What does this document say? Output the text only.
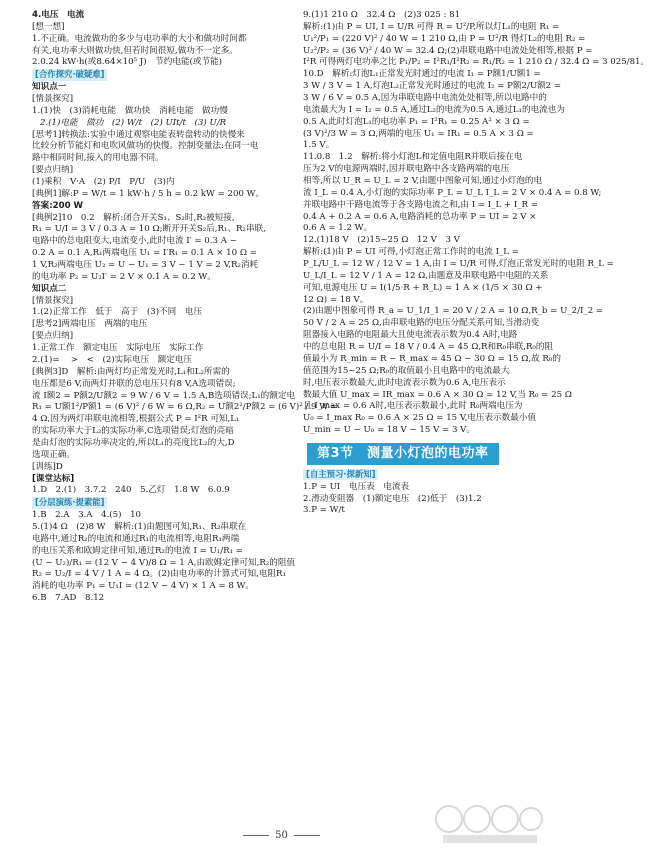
4.电压　电流
[想一想]
1.不正确。电流做功的多少与电功率的大小和做功时间都
有关,电功率大则做功快,但若时间很短,做功不一定多。
2.0.24 kW·h(或8.64×10⁵ J)　节约电能(或节能)
[合作探究·破疑难]
知识点一
[情景探究]
1.(1)快　(3)消耗电能　做功快　消耗电能　做功慢
2.(1)电能　做功　(2) W/t　(2) UIt/t　(3) U/R
[思考1]转换法:实验中通过观察电能表转盘转动的快慢来
比较分析节能灯和电吹风做功的快慢。控制变量法:在同一电
路中相同时间,接入的用电器不同。
[要点归纳]
(1)乘积　V·A　(2) P/I　P/U　(3)内
[典例1]解:P = W/t = 1 kW·h / 5 h = 0.2 kW = 200 W。
答案:200 W
[典例2]10　0.2　解析:闭合开关S₁、S₂时,R₂被短接,
R₁ = U/I = 3 V / 0.3 A = 10 Ω;断开开关S₂后,R₁、R₂串联,
电路中的总电阻变大,电流变小,此时电流 I′ = 0.3 A −
0.2 A = 0.1 A,R₁两端电压 U₁ = I′R₁ = 0.1 A × 10 Ω =
1 V,R₂两端电压 U₂ = U − U₁ = 3 V − 1 V = 2 V,R₂消耗
的电功率 P₂ = U₂I′ = 2 V × 0.1 A = 0.2 W。
知识点二
[情景探究]
1.(2)正常工作　低于　高于　(3)不同　电压
[思考2]两端电压　两端的电压
[要点归纳]
1.正常工作　额定电压　实际电压　实际工作
2.(1)= 　>　<　(2)实际电压　额定电压
[典例3]D　解析:由两灯均正常发光时,L₁和L₂所需的
电压都是6 V,而两灯并联的总电压只有8 V,A选项错误;
流 I额2 = P额2/U额2 = 9 W / 6 V = 1.5 A,B选项错误;L₁的额定电
R₁ = U额1²/P额1 = (6 V)² / 6 W = 6 Ω,R₂ = U额2²/P额2 = (6 V)² / 9 W =
4 Ω,因为两灯串联电流相等,根据公式 P = I²R 可知,L₁
的实际功率大于L₂的实际功率,C选项错误;灯泡的亮暗
是由灯泡的实际功率决定的,所以L₁的亮度比L₂的大,D
选项正确。
[训练]D
[课堂达标]
1.D　2.(1)　3.7.2　240　5.乙灯　1.8 W　6.0.9
[分层演练·提素能]
1.B　2.A　3.A　4.(5)　10
5.(1)4 Ω　(2)8 W　解析:(1)由题图可知,R₁、R₂串联在
电路中,通过R₂的电流和通过R₁的电流相等,电阻R₁两端
的电压关系和欧姆定律可知,通过R₂的电流 I = U₁/R₁ =
(U − U₂)/R₁ = (12 V − 4 V)/8 Ω = 1 A,由欧姆定律可知,R₂的阻值
R₂ = U₂/I = 4 V / 1 A = 4 Ω。(2)由电功率的计算式可知,电阻R₁
消耗的电功率 P₁ = U₁I = (12 V − 4 V) × 1 A = 8 W。
6.B　7.AD　8.12
9.(1)1 210 Ω　32.4 Ω　(2)3 025 : 81
解析:(1)由 P = UI, I = U/R 可得 R = U²/P,所以灯L₁的电阻 R₁ =
U₁²/P₁ = (220 V)² / 40 W = 1 210 Ω,由 P = U²/R 得灯L₂的电阻 R₂ =
U₂²/P₂ = (36 V)² / 40 W = 32.4 Ω;(2)串联电路中电流处处相等,根据 P =
I²R 可得两灯电功率之比 P₁/P₂ = I²R₁/I²R₂ = R₁/R₂ = 1 210 Ω / 32.4 Ω = 3 025/81。
10.D　解析:灯泡L₁正常发光时通过的电流 I₁ = P额1/U额1 =
3 W / 3 V = 1 A,灯泡L₂正常发光时通过的电流 I₂ = P额2/U额2 =
3 W / 6 V = 0.5 A,因为串联电路中电流处处相等,所以电路中的
电流最大为 I = I₂ = 0.5 A,通过L₂的电流为0.5 A,通过L₁的电流也为
0.5 A,此时灯泡L₁的电功率 P₁ = I²R₁ = 0.25 A² × 3 Ω =
(3 V)²/3 W = 3 Ω,两端的电压 U₁ = IR₁ = 0.5 A × 3 Ω =
1.5 V。
11.0.8　1.2　解析:将小灯泡L和定值电阻R并联后接在电
压为2 V的电源两端时,因并联电路中各支路两端的电压
相等,所以 U_R = U_L = 2 V,由题中图象可知,通过小灯泡的电
流 I_L = 0.4 A,小灯泡的实际功率 P_L = U_L I_L = 2 V × 0.4 A = 0.8 W;
并联电路中干路电流等于各支路电流之和,由 I = I_L + I_R =
0.4 A + 0.2 A = 0.6 A,电路消耗的总功率 P = UI = 2 V ×
0.6 A = 1.2 W。
12.(1)18 V　(2)15~25 Ω　12 V　3 V
解析:(1)由 P = UI 可得,小灯泡正常工作时的电流 I_L =
P_L/U_L = 12 W / 12 V = 1 A,由 I = U/R 可得,灯泡正常发光时的电阻 R_L =
U_L/I_L = 12 V / 1 A = 12 Ω,由题意及串联电路中电阻的关系
可知,电源电压 U = I(1/5·R + R_L) = 1 A × (1/5 × 30 Ω +
12 Ω) = 18 V。
(2)由题中图象可得 R_a = U_1/I_1 = 20 V / 2 A = 10 Ω,R_b = U_2/I_2 =
50 V / 2 A = 25 Ω,由串联电路的电压分配关系可知,当滑动变
阻器接入电路的电阻最大且使电流表示数为0.4 A时,电路
中的总电阻 R = U/I = 18 V / 0.4 A = 45 Ω,R和R₀串联,R₀的阻
值最小为 R_min = R − R_max = 45 Ω − 30 Ω = 15 Ω,故 R₀的
值范围为15~25 Ω;R₀的取值最小且电路中的电流最大
时,电压表示数最大,此时电流表示数为0.6 A,电压表示
数最大值 U_max = IR_max = 0.6 A × 30 Ω = 12 V,当 R₀ = 25 Ω
且 I_max = 0.6 A时,电压表示数最小,此时 R₀两端电压为
U₀ = I_max R₀ = 0.6 A × 25 Ω = 15 V,电压表示数最小值
U_min = U − U₀ = 18 V − 15 V = 3 V。
第3节　测量小灯泡的电功率
[自主预习·探新知]
1.P = UI　电压表　电流表
2.滑动变阻器　(1)额定电压　(2)低于　(3)1.2
3.P = W/t
50
